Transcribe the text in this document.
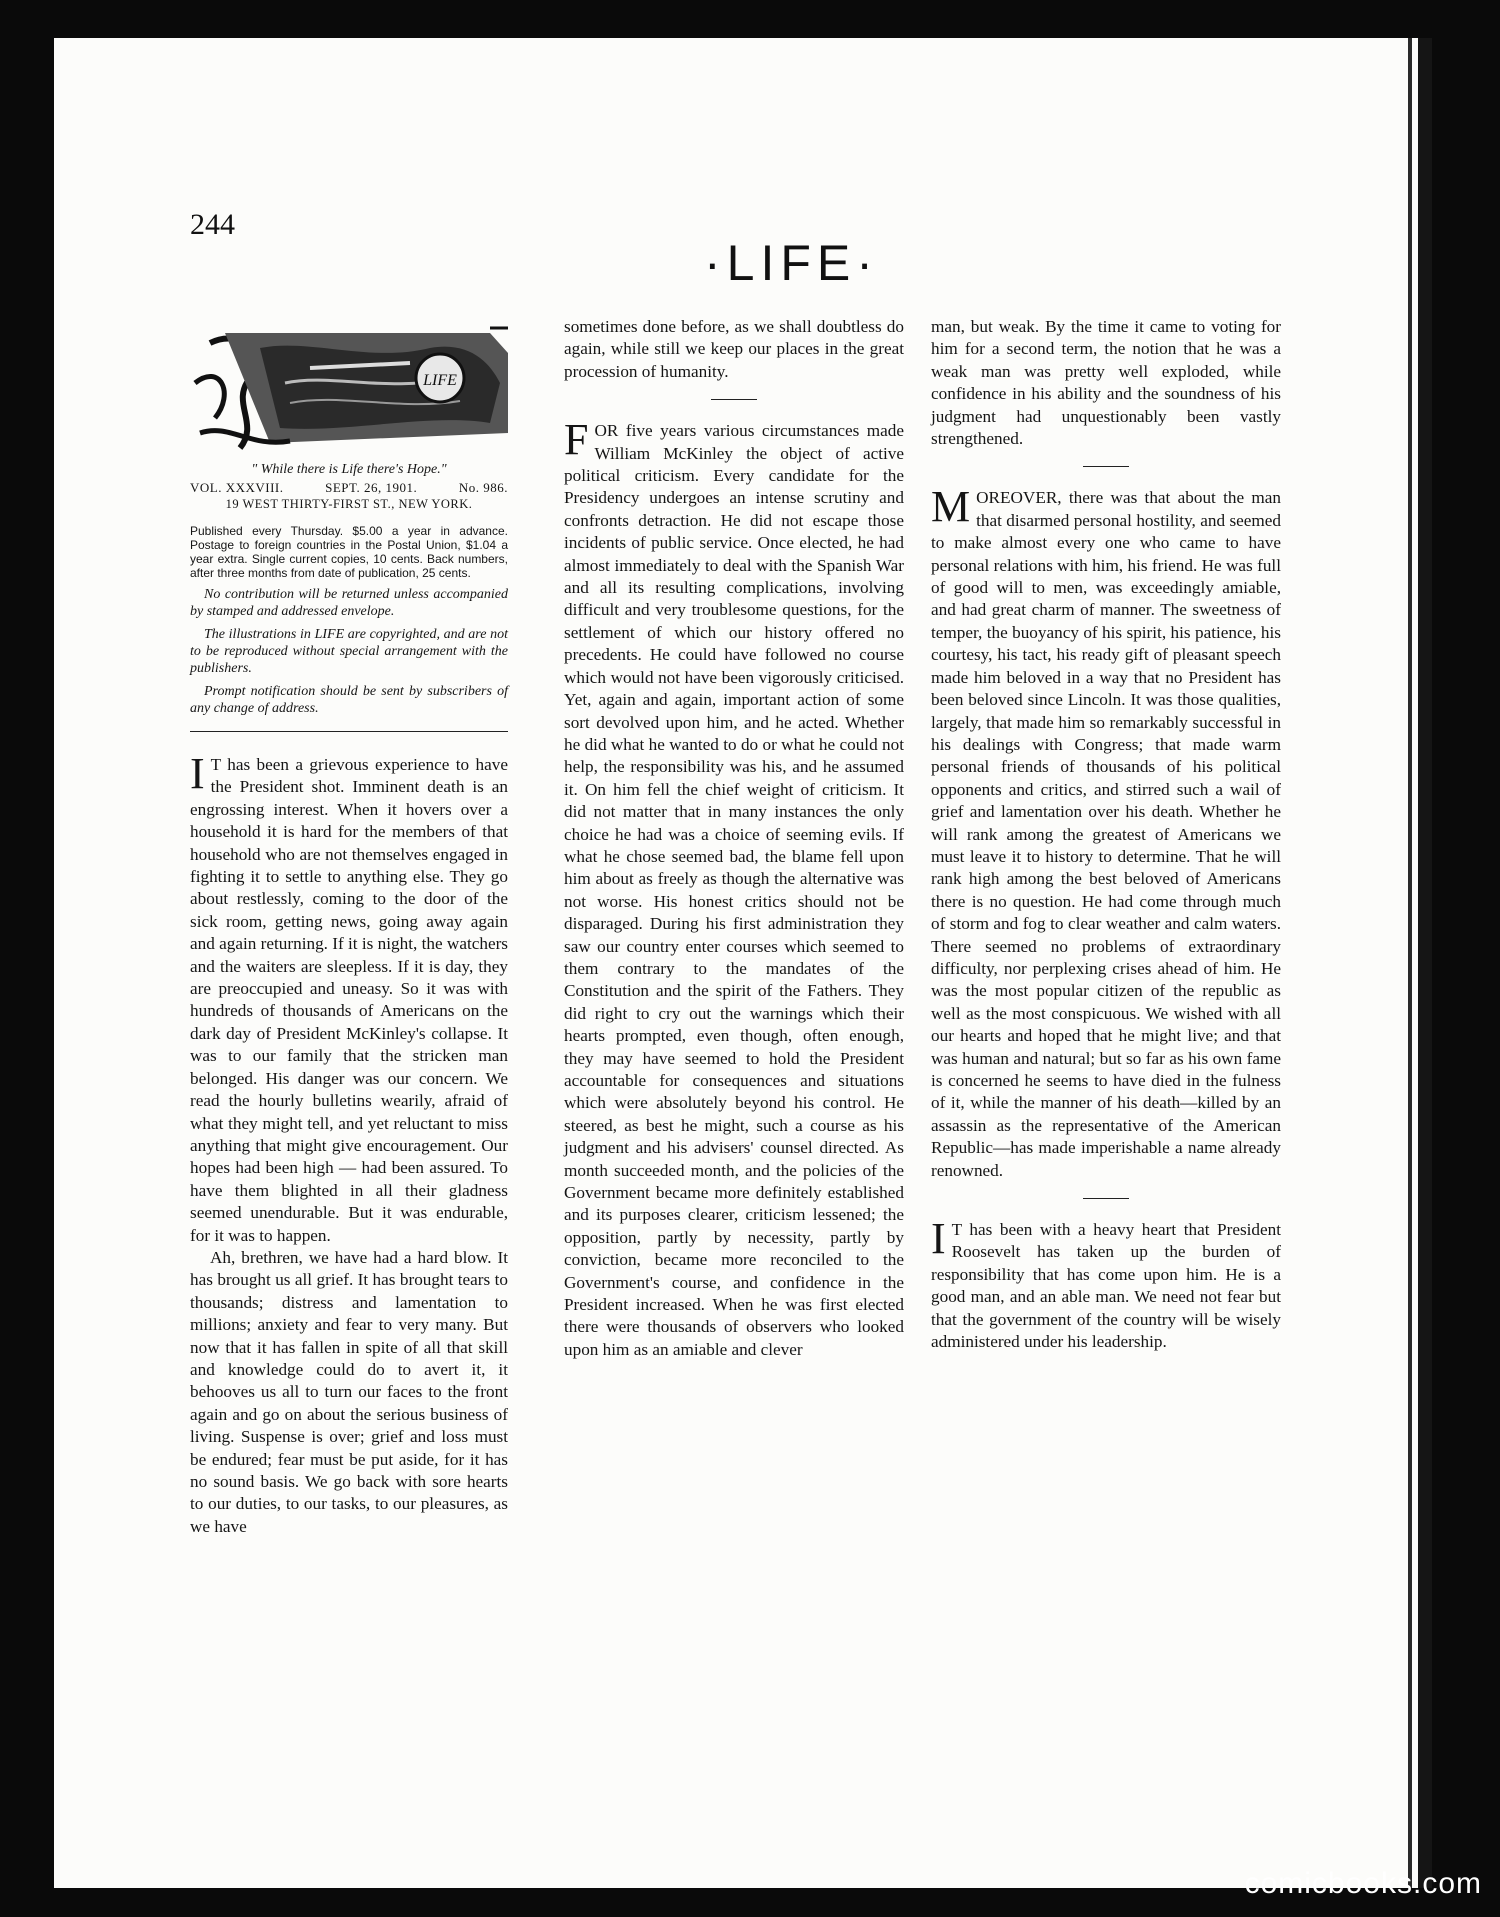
244
·LIFE·
LIFE
" While there is Life there's Hope."
VOL. XXXVIII.	SEPT. 26, 1901.	No. 986.
19 WEST THIRTY-FIRST ST., NEW YORK.
Published every Thursday. $5.00 a year in advance. Postage to foreign countries in the Postal Union, $1.04 a year extra. Single current copies, 10 cents. Back numbers, after three months from date of publication, 25 cents.
No contribution will be returned unless accompanied by stamped and addressed envelope.
The illustrations in LIFE are copyrighted, and are not to be reproduced without special arrangement with the publishers.
Prompt notification should be sent by subscribers of any change of address.

I T has been a grievous experience to have the President shot. Imminent death is an engrossing interest. When it hovers over a household it is hard for the members of that household who are not themselves engaged in fighting it to settle to anything else. They go about restlessly, coming to the door of the sick room, getting news, going away again and again returning. If it is night, the watchers and the waiters are sleepless. If it is day, they are preoccupied and uneasy. So it was with hundreds of thousands of Americans on the dark day of President McKinley's collapse. It was to our family that the stricken man belonged. His danger was our concern. We read the hourly bulletins wearily, afraid of what they might tell, and yet reluctant to miss anything that might give encouragement. Our hopes had been high — had been assured. To have them blighted in all their gladness seemed unendurable. But it was endurable, for it was to happen.

Ah, brethren, we have had a hard blow. It has brought us all grief. It has brought tears to thousands; distress and lamentation to millions; anxiety and fear to very many. But now that it has fallen in spite of all that skill and knowledge could do to avert it, it behooves us all to turn our faces to the front again and go on about the serious business of living. Suspense is over; grief and loss must be endured; fear must be put aside, for it has no sound basis. We go back with sore hearts to our duties, to our tasks, to our pleasures, as we have

sometimes done before, as we shall doubtless do again, while still we keep our places in the great procession of humanity.

FOR five years various circumstances made William McKinley the object of active political criticism. Every candidate for the Presidency undergoes an intense scrutiny and confronts detraction. He did not escape those incidents of public service. Once elected, he had almost immediately to deal with the Spanish War and all its resulting complications, involving difficult and very troublesome questions, for the settlement of which our history offered no precedents. He could have followed no course which would not have been vigorously criticised. Yet, again and again, important action of some sort devolved upon him, and he acted. Whether he did what he wanted to do or what he could not help, the responsibility was his, and he assumed it. On him fell the chief weight of criticism. It did not matter that in many instances the only choice he had was a choice of seeming evils. If what he chose seemed bad, the blame fell upon him about as freely as though the alternative was not worse. His honest critics should not be disparaged. During his first administration they saw our country enter courses which seemed to them contrary to the mandates of the Constitution and the spirit of the Fathers. They did right to cry out the warnings which their hearts prompted, even though, often enough, they may have seemed to hold the President accountable for consequences and situations which were absolutely beyond his control. He steered, as best he might, such a course as his judgment and his advisers' counsel directed. As month succeeded month, and the policies of the Government became more definitely established and its purposes clearer, criticism lessened; the opposition, partly by necessity, partly by conviction, became more reconciled to the Government's course, and confidence in the President increased. When he was first elected there were thousands of observers who looked upon him as an amiable and clever

man, but weak. By the time it came to voting for him for a second term, the notion that he was a weak man was pretty well exploded, while confidence in his ability and the soundness of his judgment had unquestionably been vastly strengthened.

MOREOVER, there was that about the man that disarmed personal hostility, and seemed to make almost every one who came to have personal relations with him, his friend. He was full of good will to men, was exceedingly amiable, and had great charm of manner. The sweetness of temper, the buoyancy of his spirit, his patience, his courtesy, his tact, his ready gift of pleasant speech made him beloved in a way that no President has been beloved since Lincoln. It was those qualities, largely, that made him so remarkably successful in his dealings with Congress; that made warm personal friends of thousands of his political opponents and critics, and stirred such a wail of grief and lamentation over his death. Whether he will rank among the greatest of Americans we must leave it to history to determine. That he will rank high among the best beloved of Americans there is no question. He had come through much of storm and fog to clear weather and calm waters. There seemed no problems of extraordinary difficulty, nor perplexing crises ahead of him. He was the most popular citizen of the republic as well as the most conspicuous. We wished with all our hearts and hoped that he might live; and that was human and natural; but so far as his own fame is concerned he seems to have died in the fulness of it, while the manner of his death—killed by an assassin as the representative of the American Republic—has made imperishable a name already renowned.

I T has been with a heavy heart that President Roosevelt has taken up the burden of responsibility that has come upon him. He is a good man, and an able man. We need not fear but that the government of the country will be wisely administered under his leadership.

comicbooks.com
